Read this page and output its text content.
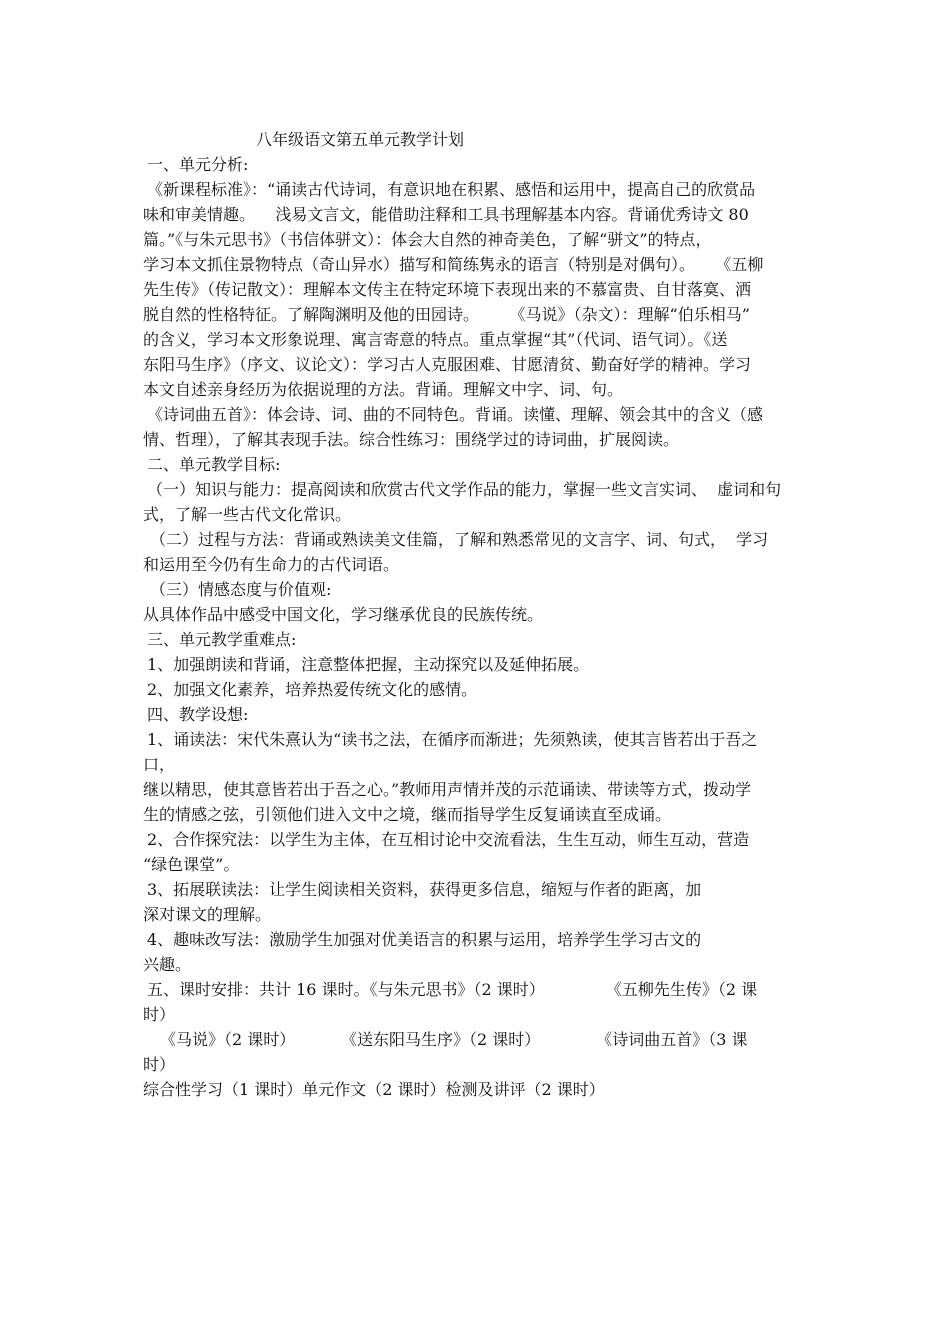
八年级语文第五单元教学计划
一、单元分析:
《新课程标准》：“诵读古代诗词，有意识地在积累、感悟和运用中，提高自己的欣赏品
味和审美情趣。    浅易文言文，能借助注释和工具书理解基本内容。背诵优秀诗文 80
篇。”《与朱元思书》（书信体骈文）：体会大自然的神奇美色，了解“骈文”的特点，
学习本文抓住景物特点（奇山异水）描写和简练隽永的语言（特别是对偶句）。    《五柳
先生传》（传记散文）：理解本文传主在特定环境下表现出来的不慕富贵、自甘落寞、洒
脱自然的性格特征。了解陶渊明及他的田园诗。      《马说》（杂文）：理解“伯乐相马”
的含义，学习本文形象说理、寓言寄意的特点。重点掌握“其”（代词、语气词）。《送
东阳马生序》（序文、议论文）：学习古人克服困难、甘愿清贫、勤奋好学的精神。学习
本文自述亲身经历为依据说理的方法。背诵。理解文中字、词、句。
《诗词曲五首》：体会诗、词、曲的不同特色。背诵。读懂、理解、领会其中的含义（感
情、哲理），了解其表现手法。综合性练习：围绕学过的诗词曲，扩展阅读。
二、单元教学目标:
（一）知识与能力：提高阅读和欣赏古代文学作品的能力，掌握一些文言实词、  虚词和句
式，了解一些古代文化常识。
（二）过程与方法：背诵或熟读美文佳篇，了解和熟悉常见的文言字、词、句式，  学习
和运用至今仍有生命力的古代词语。
（三）情感态度与价值观:
从具体作品中感受中国文化，学习继承优良的民族传统。
三、单元教学重难点:
1、加强朗读和背诵，注意整体把握，主动探究以及延伸拓展。
2、加强文化素养，培养热爱传统文化的感情。
四、教学设想:
1、诵读法：宋代朱熹认为“读书之法，在循序而渐进；先须熟读，使其言皆若出于吾之
口，
继以精思，使其意皆若出于吾之心。”教师用声情并茂的示范诵读、带读等方式，拨动学
生的情感之弦，引领他们进入文中之境，继而指导学生反复诵读直至成诵。
2、合作探究法：以学生为主体，在互相讨论中交流看法，生生互动，师生互动，营造
“绿色课堂”。
3、拓展联读法：让学生阅读相关资料，获得更多信息，缩短与作者的距离，加
深对课文的理解。
4、趣味改写法：激励学生加强对优美语言的积累与运用，培养学生学习古文的
兴趣。
五、课时安排：共计 16 课时。《与朱元思书》（2 课时）            《五柳先生传》（2 课
时）
《马说》（2 课时）         《送东阳马生序》（2 课时）           《诗词曲五首》（3 课
时）
综合性学习（1 课时）单元作文（2 课时）检测及讲评（2 课时）
